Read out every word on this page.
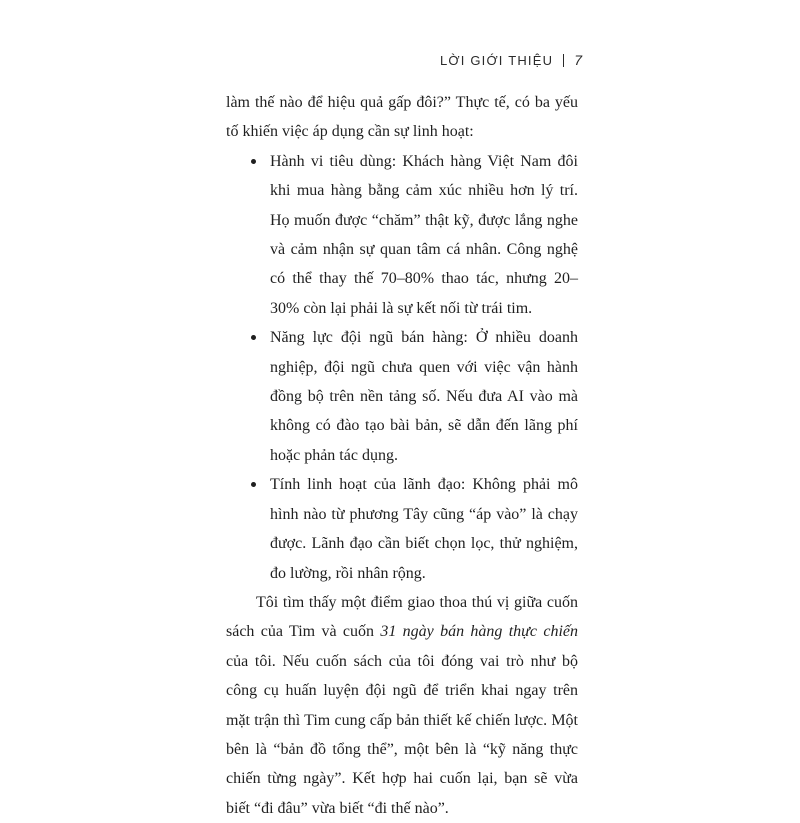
LỜI GIỚI THIỆU 7

làm thế nào để hiệu quả gấp đôi?” Thực tế, có ba yếu tố khiến việc áp dụng cần sự linh hoạt:

Hành vi tiêu dùng: Khách hàng Việt Nam đôi khi mua hàng bằng cảm xúc nhiều hơn lý trí. Họ muốn được “chăm” thật kỹ, được lắng nghe và cảm nhận sự quan tâm cá nhân. Công nghệ có thể thay thế 70–80% thao tác, nhưng 20–30% còn lại phải là sự kết nối từ trái tim.
Năng lực đội ngũ bán hàng: Ở nhiều doanh nghiệp, đội ngũ chưa quen với việc vận hành đồng bộ trên nền tảng số. Nếu đưa AI vào mà không có đào tạo bài bản, sẽ dẫn đến lãng phí hoặc phản tác dụng.
Tính linh hoạt của lãnh đạo: Không phải mô hình nào từ phương Tây cũng “áp vào” là chạy được. Lãnh đạo cần biết chọn lọc, thử nghiệm, đo lường, rồi nhân rộng.

Tôi tìm thấy một điểm giao thoa thú vị giữa cuốn sách của Tim và cuốn 31 ngày bán hàng thực chiến của tôi. Nếu cuốn sách của tôi đóng vai trò như bộ công cụ huấn luyện đội ngũ để triển khai ngay trên mặt trận thì Tim cung cấp bản thiết kế chiến lược. Một bên là “bản đồ tổng thể”, một bên là “kỹ năng thực chiến từng ngày”. Kết hợp hai cuốn lại, bạn sẽ vừa biết “đi đâu” vừa biết “đi thế nào”.
